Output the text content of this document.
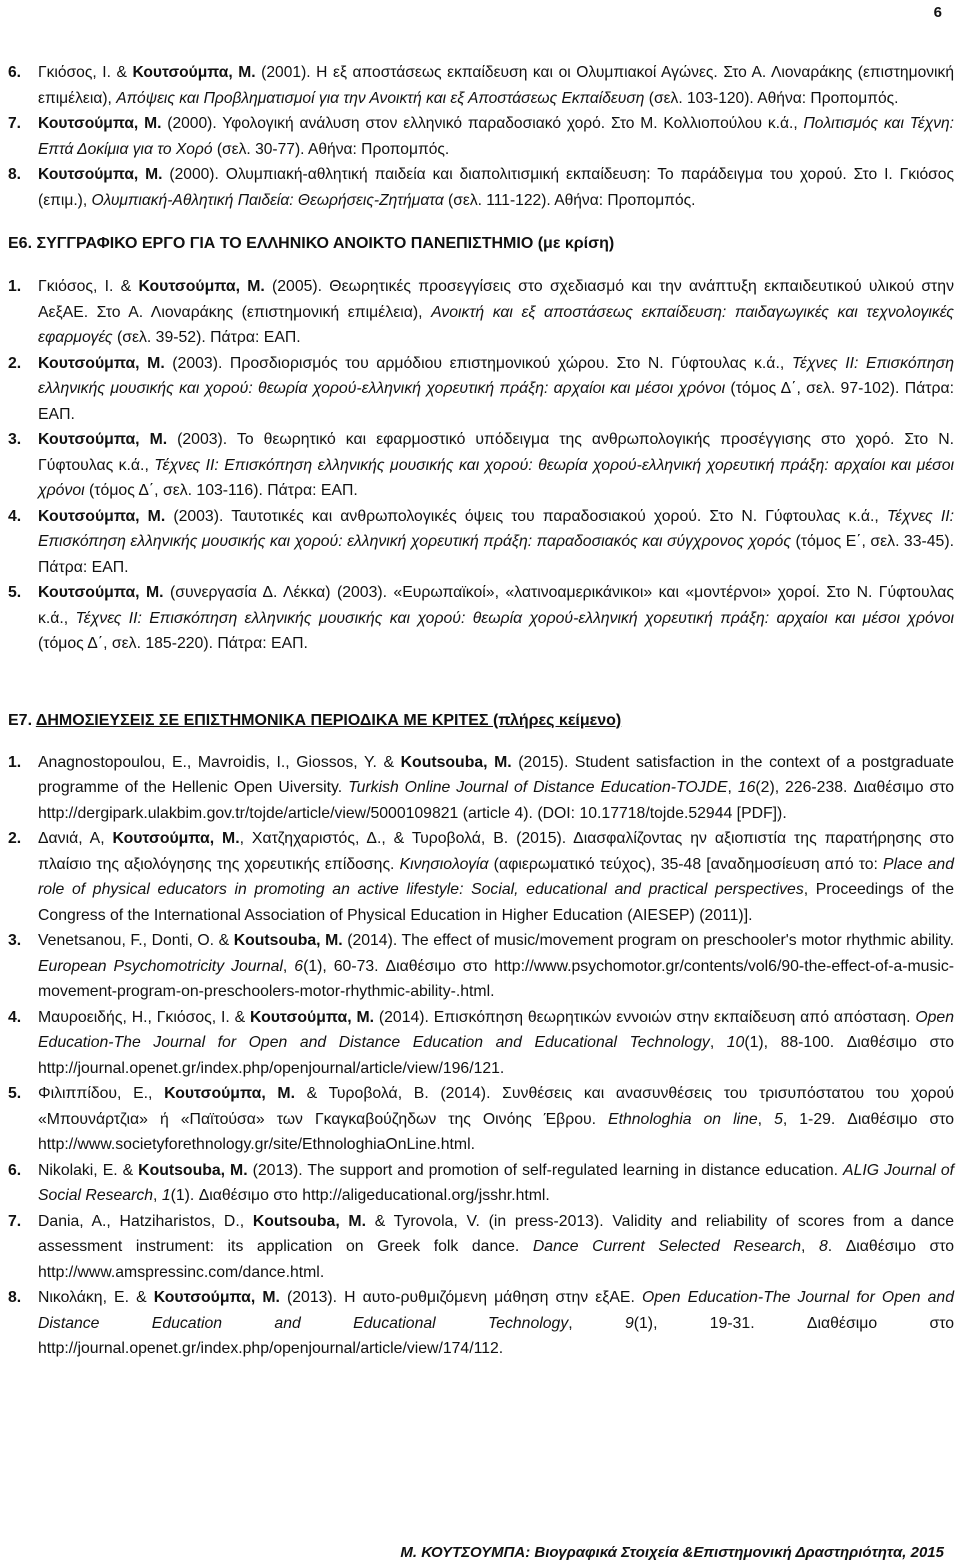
6
6.	Γκιόσος, Ι. & Κουτσούμπα, Μ. (2001). Η εξ αποστάσεως εκπαίδευση και οι Ολυμπιακοί Αγώνες. Στο Α. Λιοναράκης (επιστημονική επιμέλεια), Απόψεις και Προβληματισμοί για την Ανοικτή και εξ Αποστάσεως Εκπαίδευση (σελ. 103-120). Αθήνα: Προπομπός.
7.	Κουτσούμπα, Μ. (2000). Υφολογική ανάλυση στον ελληνικό παραδοσιακό χορό. Στο Μ. Κολλιοπούλου κ.ά., Πολιτισμός και Τέχνη: Επτά Δοκίμια για το Χορό (σελ. 30-77). Αθήνα: Προπομπός.
8.	Κουτσούμπα, Μ. (2000). Ολυμπιακή-αθλητική παιδεία και διαπολιτισμική εκπαίδευση: Το παράδειγμα του χορού. Στο Ι. Γκιόσος (επιμ.), Ολυμπιακή-Αθλητική Παιδεία: Θεωρήσεις-Ζητήματα (σελ. 111-122). Αθήνα: Προπομπός.
Ε6. ΣΥΓΓΡΑΦΙΚΟ ΕΡΓΟ ΓΙΑ ΤΟ ΕΛΛΗΝΙΚΟ ΑΝΟΙΚΤΟ ΠΑΝΕΠΙΣΤΗΜΙΟ (με κρίση)
1.	Γκιόσος, Ι. & Κουτσούμπα, Μ. (2005). Θεωρητικές προσεγγίσεις στο σχεδιασμό και την ανάπτυξη εκπαιδευτικού υλικού στην ΑεξΑΕ. Στο Α. Λιοναράκης (επιστημονική επιμέλεια), Ανοικτή και εξ αποστάσεως εκπαίδευση: παιδαγωγικές και τεχνολογικές εφαρμογές (σελ. 39-52). Πάτρα: ΕΑΠ.
2.	Κουτσούμπα, Μ. (2003). Προσδιορισμός του αρμόδιου επιστημονικού χώρου. Στο Ν. Γύφτουλας κ.ά., Τέχνες ΙΙ: Επισκόπηση ελληνικής μουσικής και χορού: θεωρία χορού-ελληνική χορευτική πράξη: αρχαίοι και μέσοι χρόνοι (τόμος Δ΄, σελ. 97-102). Πάτρα: ΕΑΠ.
3.	Κουτσούμπα, Μ. (2003). Το θεωρητικό και εφαρμοστικό υπόδειγμα της ανθρωπολογικής προσέγγισης στο χορό. Στο Ν. Γύφτουλας κ.ά., Τέχνες ΙΙ: Επισκόπηση ελληνικής μουσικής και χορού: θεωρία χορού-ελληνική χορευτική πράξη: αρχαίοι και μέσοι χρόνοι (τόμος Δ΄, σελ. 103-116). Πάτρα: ΕΑΠ.
4.	Κουτσούμπα, Μ. (2003). Ταυτοτικές και ανθρωπολογικές όψεις του παραδοσιακού χορού. Στο Ν. Γύφτουλας κ.ά., Τέχνες ΙΙ: Επισκόπηση ελληνικής μουσικής και χορού: ελληνική χορευτική πράξη: παραδοσιακός και σύγχρονος χορός (τόμος Ε΄, σελ. 33-45). Πάτρα: ΕΑΠ.
5.	Κουτσούμπα, Μ. (συνεργασία Δ. Λέκκα) (2003). «Ευρωπαϊκοί», «λατινοαμερικάνικοι» και «μοντέρνοι» χοροί. Στο Ν. Γύφτουλας κ.ά., Τέχνες ΙΙ: Επισκόπηση ελληνικής μουσικής και χορού: θεωρία χορού-ελληνική χορευτική πράξη: αρχαίοι και μέσοι χρόνοι (τόμος Δ΄, σελ. 185-220). Πάτρα: ΕΑΠ.
Ε7. ΔΗΜΟΣΙΕΥΣΕΙΣ ΣΕ ΕΠΙΣΤΗΜΟΝΙΚΑ ΠΕΡΙΟΔΙΚΑ ΜΕ ΚΡΙΤΕΣ (πλήρες κείμενο)
1.	Anagnostopoulou, E., Mavroidis, I., Giossos, Y. & Koutsouba, M. (2015). Student satisfaction in the context of a postgraduate programme of the Hellenic Open Uiversity. Turkish Online Journal of Distance Education-TOJDE, 16(2), 226-238. Διαθέσιμο στο http://dergipark.ulakbim.gov.tr/tojde/article/view/5000109821 (article 4). (DOI: 10.17718/tojde.52944 [PDF]).
2.	Δανιά, Α, Κουτσούμπα, Μ., Χατζηχαριστός, Δ., & Τυροβολά, Β. (2015). Διασφαλίζοντας ην αξιοπιστία της παρατήρησης στο πλαίσιο της αξιολόγησης της χορευτικής επίδοσης. Κινησιολογία (αφιερωματικό τεύχος), 35-48 [αναδημοσίευση από το: Place and role of physical educators in promoting an active lifestyle: Social, educational and practical perspectives, Proceedings of the Congress of the International Association of Physical Education in Higher Education (AIESEP) (2011)].
3.	Venetsanou, F., Donti, O. & Koutsouba, M. (2014). The effect of music/movement program on preschooler's motor rhythmic ability. European Psychomotricity Journal, 6(1), 60-73. Διαθέσιμο στο http://www.psychomotor.gr/contents/vol6/90-the-effect-of-a-music-movement-program-on-preschoolers-motor-rhythmic-ability-.html.
4.	Μαυροειδής, Η., Γκιόσος, Ι. & Κουτσούμπα, Μ. (2014). Επισκόπηση θεωρητικών εννοιών στην εκπαίδευση από απόσταση. Open Education-The Journal for Open and Distance Education and Educational Technology, 10(1), 88-100. Διαθέσιμο στο http://journal.openet.gr/index.php/openjournal/article/view/196/121.
5.	Φιλιππίδου, Ε., Κουτσούμπα, Μ. & Τυροβολά, Β. (2014). Συνθέσεις και ανασυνθέσεις του τρισυπόστατου του χορού «Μπουνάρτζια» ή «Παϊτούσα» των Γκαγκαβούζηδων της Οινόης Έβρου. Ethnologhia on line, 5, 1-29. Διαθέσιμο στο http://www.societyforethnology.gr/site/EthnologhiaOnLine.html.
6.	Nikolaki, E. & Koutsouba, M. (2013). The support and promotion of self-regulated learning in distance education. ALIG Journal of Social Research, 1(1). Διαθέσιμο στο http://aligeducational.org/jsshr.html.
7.	Dania, A., Hatziharistos, D., Koutsouba, M. & Tyrovola, V. (in press-2013). Validity and reliability of scores from a dance assessment instrument: its application on Greek folk dance. Dance Current Selected Research, 8. Διαθέσιμο στο http://www.amspressinc.com/dance.html.
8.	Νικολάκη, Ε. & Κουτσούμπα, Μ. (2013). Η αυτο-ρυθμιζόμενη μάθηση στην εξΑΕ. Open Education-The Journal for Open and Distance Education and Educational Technology, 9(1), 19-31. Διαθέσιμο στο http://journal.openet.gr/index.php/openjournal/article/view/174/112.
Μ. ΚΟΥΤΣΟΥΜΠΑ: Βιογραφικά Στοιχεία &Επιστημονική Δραστηριότητα, 2015
